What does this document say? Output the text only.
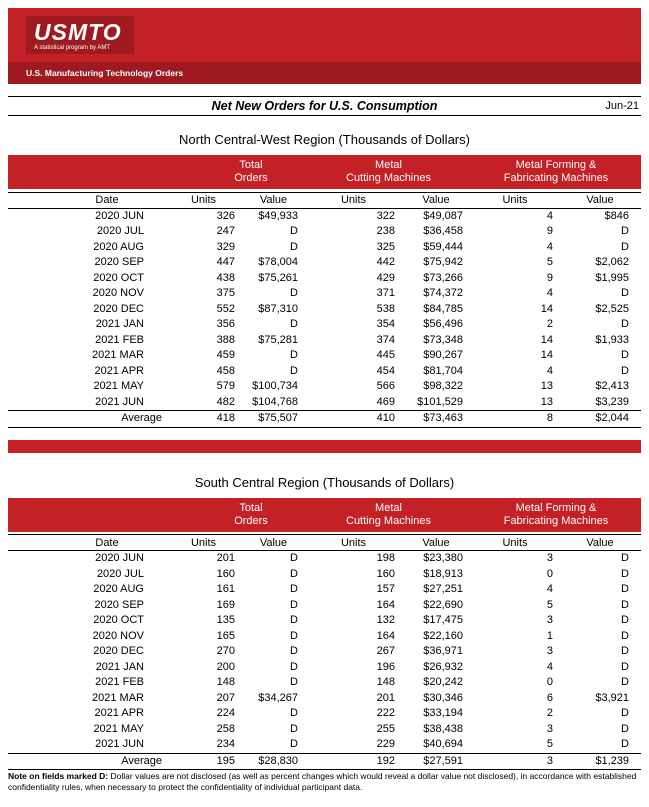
USMTO
A statistical program by AMT
U.S. Manufacturing Technology Orders
Net New Orders for U.S. Consumption	Jun-21
North Central-West Region (Thousands of Dollars)

	Total
Orders		Metal
Cutting Machines		Metal Forming &
Fabricating Machines	

Date	Units	Value	Units	Value	Units	Value
2020 JUN	326	$49,933	322	$49,087	4	$846
2020 JUL	247	D	238	$36,458	9	D
2020 AUG	329	D	325	$59,444	4	D
2020 SEP	447	$78,004	442	$75,942	5	$2,062
2020 OCT	438	$75,261	429	$73,266	9	$1,995
2020 NOV	375	D	371	$74,372	4	D
2020 DEC	552	$87,310	538	$84,785	14	$2,525
2021 JAN	356	D	354	$56,496	2	D
2021 FEB	388	$75,281	374	$73,348	14	$1,933
2021 MAR	459	D	445	$90,267	14	D
2021 APR	458	D	454	$81,704	4	D
2021 MAY	579	$100,734	566	$98,322	13	$2,413
2021 JUN	482	$104,768	469	$101,529	13	$3,239
Average	418	$75,507	410	$73,463	8	$2,044
South Central Region (Thousands of Dollars)

	Total
Orders		Metal
Cutting Machines		Metal Forming &
Fabricating Machines	

Date	Units	Value	Units	Value	Units	Value
2020 JUN	201	D	198	$23,380	3	D
2020 JUL	160	D	160	$18,913	0	D
2020 AUG	161	D	157	$27,251	4	D
2020 SEP	169	D	164	$22,690	5	D
2020 OCT	135	D	132	$17,475	3	D
2020 NOV	165	D	164	$22,160	1	D
2020 DEC	270	D	267	$36,971	3	D
2021 JAN	200	D	196	$26,932	4	D
2021 FEB	148	D	148	$20,242	0	D
2021 MAR	207	$34,267	201	$30,346	6	$3,921
2021 APR	224	D	222	$33,194	2	D
2021 MAY	258	D	255	$38,438	3	D
2021 JUN	234	D	229	$40,694	5	D
Average	195	$28,830	192	$27,591	3	$1,239
Note on fields marked D: Dollar values are not disclosed (as well as percent changes which would reveal a dollar value not disclosed), in accordance with established confidentiality rules, when necessary to protect the confidentiality of individual participant data.
